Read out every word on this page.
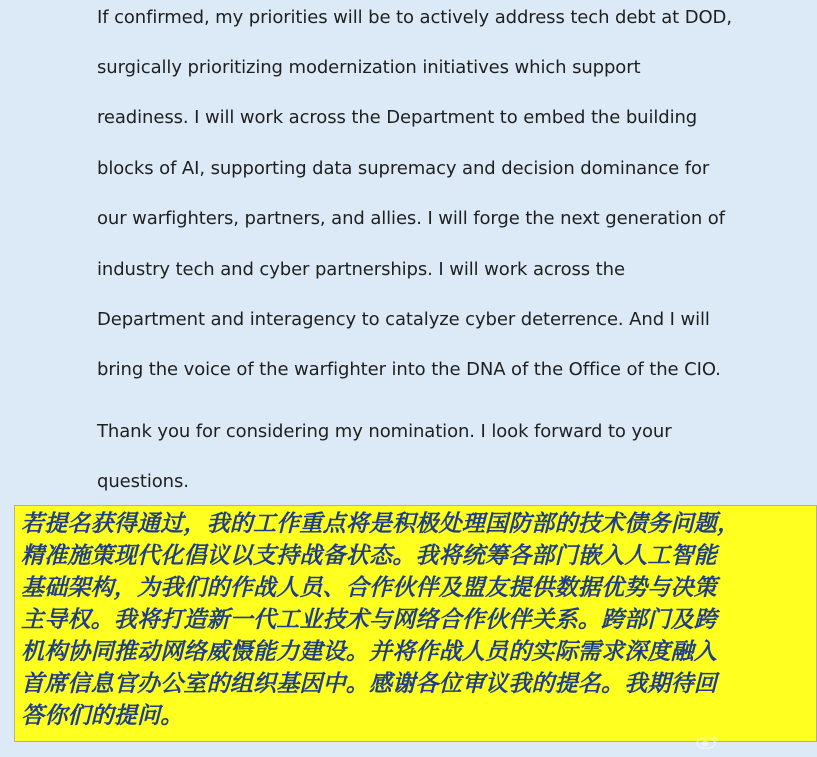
If confirmed, my priorities will be to actively address tech debt at DOD,
surgically prioritizing modernization initiatives which support
readiness. I will work across the Department to embed the building
blocks of AI, supporting data supremacy and decision dominance for
our warfighters, partners, and allies. I will forge the next generation of
industry tech and cyber partnerships. I will work across the
Department and interagency to catalyze cyber deterrence. And I will
bring the voice of the warfighter into the DNA of the Office of the CIO.
Thank you for considering my nomination. I look forward to your
questions.
若提名获得通过，我的工作重点将是积极处理国防部的技术债务问题，
精准施策现代化倡议以支持战备状态。我将统筹各部门嵌入人工智能
基础架构，为我们的作战人员、合作伙伴及盟友提供数据优势与决策
主导权。我将打造新一代工业技术与网络合作伙伴关系。跨部门及跨
机构协同推动网络威慑能力建设。并将作战人员的实际需求深度融入
首席信息官办公室的组织基因中。感谢各位审议我的提名。我期待回
答你们的提问。
